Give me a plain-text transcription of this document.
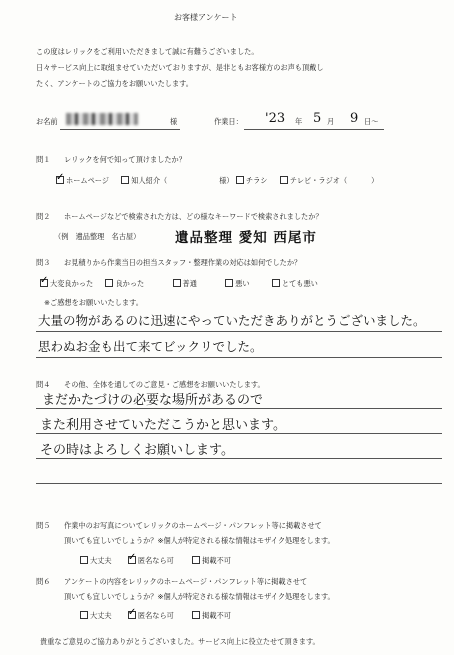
お客様アンケート
この度はレリックをご利用いただきまして誠に有難うございました。
日々サービス向上に取組ませていただいておりますが、是非ともお客様方のお声も頂戴し
たく、アンケートのご協力をお願いいたします。
お名前	様	作業日： '23 年 5 月 9 日～
問１ レリックを何で知って頂けましたか？
✓ホームページ	知人紹介（	様） チラシ	テレビ・ラジオ（	）
問２ ホームページなどで検索された方は、どの様なキーワードで検索されましたか？
（例　遺品整理　名古屋）	遺品整理 愛知 西尾市
問３ お見積りから作業当日の担当スタッフ・整理作業の対応は如何でしたか？
✓大変良かった	良かった	普通	悪い	とても悪い
※ご感想をお願いいたします。
大量の物があるのに迅速にやっていただきありがとうございました。
思わぬお金も出て来てビックリでした。
問４ その他、全体を通してのご意見・ご感想をお願いいたします。
まだかたづけの必要な場所があるので
また利用させていただこうかと思います。
その時はよろしくお願いします。
問５ 作業中のお写真についてレリックのホームページ・パンフレット等に掲載させて
頂いても宜しいでしょうか？※個人が特定される様な情報はモザイク処理をします。
大丈夫 ✓	匿名なら可	掲載不可
問６ アンケートの内容をレリックのホームページ・パンフレット等に掲載させて
頂いても宜しいでしょうか？※個人が特定される様な情報はモザイク処理をします。
大丈夫 ✓	匿名なら可	掲載不可
貴重なご意見のご協力ありがとうございました。サービス向上に役立たせて頂きます。
